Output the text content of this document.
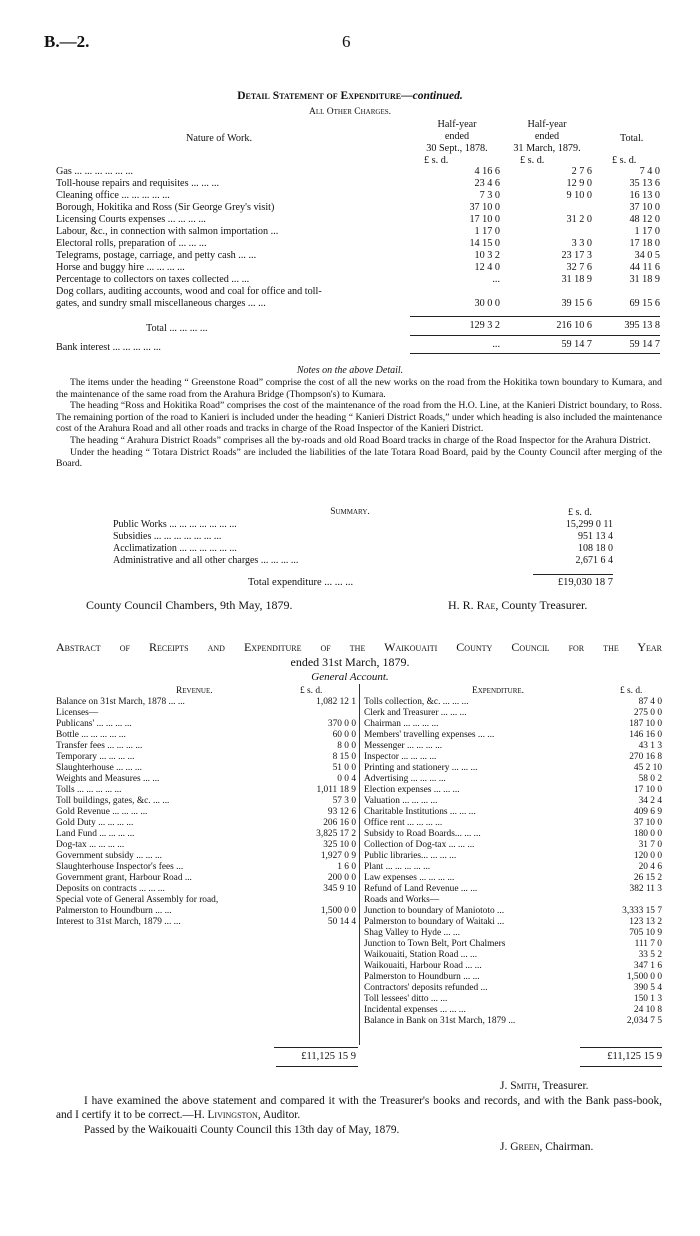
B.—2.	6
Detail Statement of Expenditure—continued.
All Other Charges.
Nature of Work.
Half-year
ended
30 Sept., 1878.
Half-year
ended
31 March, 1879.
Total.
£ s. d.	£ s. d.	£ s. d.
Gas ... ... ... ... ... ...	4 16 6	2 7 6	7 4 0
Toll-house repairs and requisites ... ... ...	23 4 6	12 9 0	35 13 6
Cleaning office ... ... ... ... ...	7 3 0	9 10 0	16 13 0
Borough, Hokitika and Ross (Sir George Grey's visit)	37 10 0		37 10 0
Licensing Courts expenses ... ... ... ...	17 10 0	31 2 0	48 12 0
Labour, &c., in connection with salmon importation ...	1 17 0		1 17 0
Electoral rolls, preparation of ... ... ...	14 15 0	3 3 0	17 18 0
Telegrams, postage, carriage, and petty cash ... ...	10 3 2	23 17 3	34 0 5
Horse and buggy hire ... ... ... ...	12 4 0	32 7 6	44 11 6
Percentage to collectors on taxes collected ... ...	...	31 18 9	31 18 9
Dog collars, auditing accounts, wood and coal for office and toll-			
gates, and sundry small miscellaneous charges ... ...	30 0 0	39 15 6	69 15 6

Total ... ... ... ...	129 3 2	216 10 6	395 13 8

Bank interest ... ... ... ... ...	...	59 14 7	59 14 7
Notes on the above Detail.

The items under the heading “ Greenstone Road” comprise the cost of all the new works on the road from the Hokitika town boundary to Kumara, and the maintenance of the same road from the Arahura Bridge (Thompson's) to Kumara.

The heading “Ross and Hokitika Road” comprises the cost of the maintenance of the road from the H.O. Line, at the Kanieri District boundary, to Ross. The remaining portion of the road to Kanieri is included under the heading “ Kanieri District Roads,” under which heading is also included the maintenance cost of the Arahura Road and all other roads and tracks in charge of the Road Inspector of the Kanieri District.

The heading “ Arahura District Roads” comprises all the by-roads and old Road Board tracks in charge of the Road Inspector for the Arahura District.

Under the heading “ Totara District Roads” are included the liabilities of the late Totara Road Board, paid by the County Council after merging of the Board.

Summary.	£ s. d.
Public Works ... ... ... ... ... ... ...	15,299 0 11
Subsidies ... ... ... ... ... ... ...	951 13 4
Acclimatization ... ... ... ... ... ...	108 18 0
Administrative and all other charges ... ... ... ...	2,671 6 4
Total expenditure ... ... ...	£19,030 18 7
County Council Chambers, 9th May, 1879.	H. R. Rae, County Treasurer.
Abstract of Receipts and Expenditure of the Waikouaiti County Council for the Year
ended 31st March, 1879.
General Account.
Revenue.	£ s. d.
Balance on 31st March, 1878 ... ...	1,082 12 1
Licenses—	
Publicans' ... ... ... ...	370 0 0
Bottle ... ... ... ... ...	60 0 0
Transfer fees ... ... ... ...	8 0 0
Temporary ... ... ... ...	8 15 0
Slaughterhouse ... ... ...	51 0 0
Weights and Measures ... ...	0 0 4
Tolls ... ... ... ... ...	1,011 18 9
Toll buildings, gates, &c. ... ...	57 3 0
Gold Revenue ... ... ... ...	93 12 6
Gold Duty ... ... ... ...	206 16 0
Land Fund ... ... ... ...	3,825 17 2
Dog-tax ... ... ... ...	325 10 0
Government subsidy ... ... ...	1,927 0 9
Slaughterhouse Inspector's fees ...	1 6 0
Government grant, Harbour Road ...	200 0 0
Deposits on contracts ... ... ...	345 9 10
Special vote of General Assembly for road,	
Palmerston to Houndburn ... ...	1,500 0 0
Interest to 31st March, 1879 ... ...	50 14 4
Expenditure.	£ s. d.
Tolls collection, &c. ... ... ...	87 4 0
Clerk and Treasurer ... ... ...	275 0 0
Chairman ... ... ... ...	187 10 0
Members' travelling expenses ... ...	146 16 0
Messenger ... ... ... ...	43 1 3
Inspector ... ... ... ...	270 16 8
Printing and stationery ... ... ...	45 2 10
Advertising ... ... ... ...	58 0 2
Election expenses ... ... ...	17 10 0
Valuation ... ... ... ...	34 2 4
Charitable Institutions ... ... ...	409 6 9
Office rent ... ... ... ...	37 10 0
Subsidy to Road Boards... ... ...	180 0 0
Collection of Dog-tax ... ... ...	31 7 0
Public libraries... ... ... ...	120 0 0
Plant ... ... ... ... ...	20 4 6
Law expenses ... ... ... ...	26 15 2
Refund of Land Revenue ... ...	382 11 3
Roads and Works—	
Junction to boundary of Maniototo ...	3,333 15 7
Palmerston to boundary of Waitaki ...	123 13 2
Shag Valley to Hyde ... ...	705 10 9
Junction to Town Belt, Port Chalmers	111 7 0
Waikouaiti, Station Road ... ...	33 5 2
Waikouaiti, Harbour Road ... ...	347 1 6
Palmerston to Houndburn ... ...	1,500 0 0
Contractors' deposits refunded ...	390 5 4
Toll lessees' ditto ... ...	150 1 3
Incidental expenses ... ... ...	24 10 8
Balance in Bank on 31st March, 1879 ...	2,034 7 5
£11,125 15 9	£11,125 15 9
J. Smith, Treasurer.
I have examined the above statement and compared it with the Treasurer's books and records, and with the Bank pass-book, and I certify it to be correct.—H. Livingston, Auditor.
Passed by the Waikouaiti County Council this 13th day of May, 1879.
J. Green, Chairman.
